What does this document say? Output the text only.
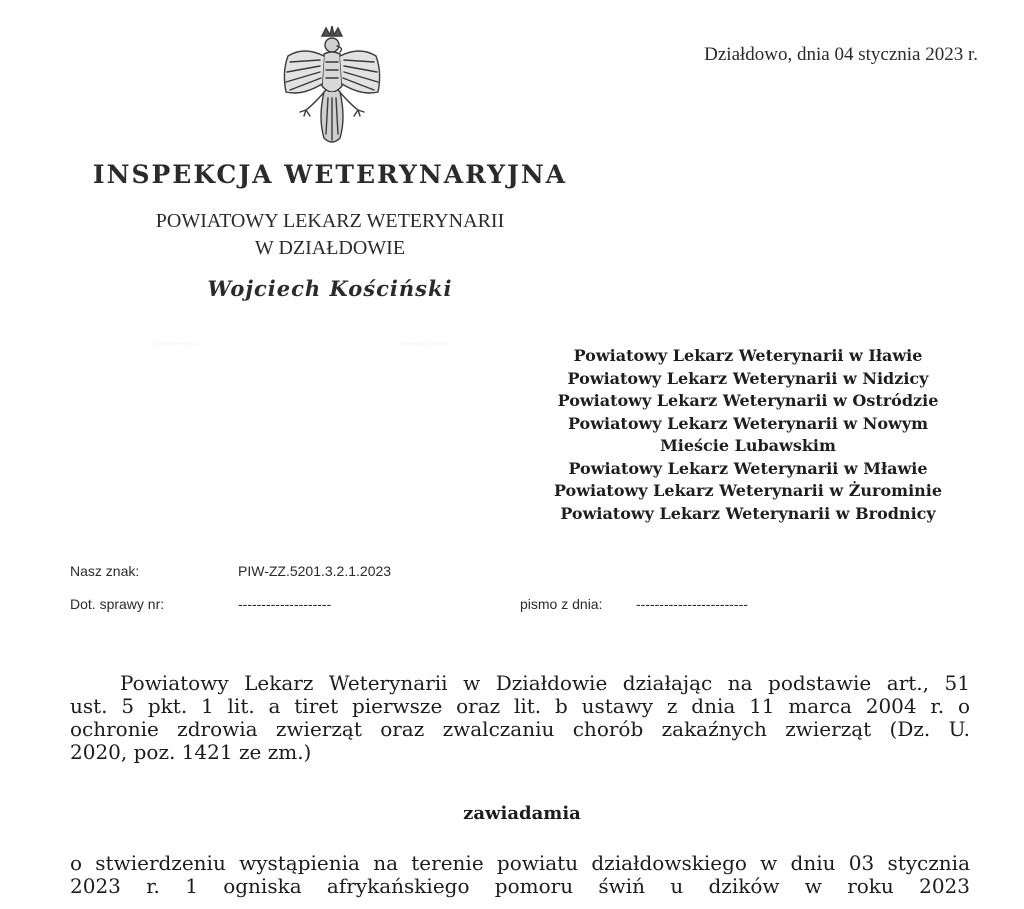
Działdowo, dnia 04 stycznia 2023 r.
INSPEKCJA WETERYNARYJNA
POWIATOWY LEKARZ WETERYNARII
W DZIAŁDOWIE
Wojciech Kościński
·············	·············
Powiatowy Lekarz Weterynarii w Iławie
Powiatowy Lekarz Weterynarii w Nidzicy
Powiatowy Lekarz Weterynarii w Ostródzie
Powiatowy Lekarz Weterynarii w Nowym
Mieście Lubawskim
Powiatowy Lekarz Weterynarii w Mławie
Powiatowy Lekarz Weterynarii w Żurominie
Powiatowy Lekarz Weterynarii w Brodnicy
Nasz znak:	PIW-ZZ.5201.3.2.1.2023
Dot. sprawy nr:	--------------------	pismo z dnia: ------------------------
Powiatowy Lekarz Weterynarii w Działdowie działając na podstawie art., 51
ust. 5 pkt. 1 lit. a tiret pierwsze oraz lit. b ustawy z dnia 11 marca 2004 r. o
ochronie zdrowia zwierząt oraz zwalczaniu chorób zakaźnych zwierząt (Dz. U.
2020, poz. 1421 ze zm.)
zawiadamia
o stwierdzeniu wystąpienia na terenie powiatu działdowskiego w dniu 03 stycznia
2023 r. 1 ogniska afrykańskiego pomoru świń u dzików w roku 2023
